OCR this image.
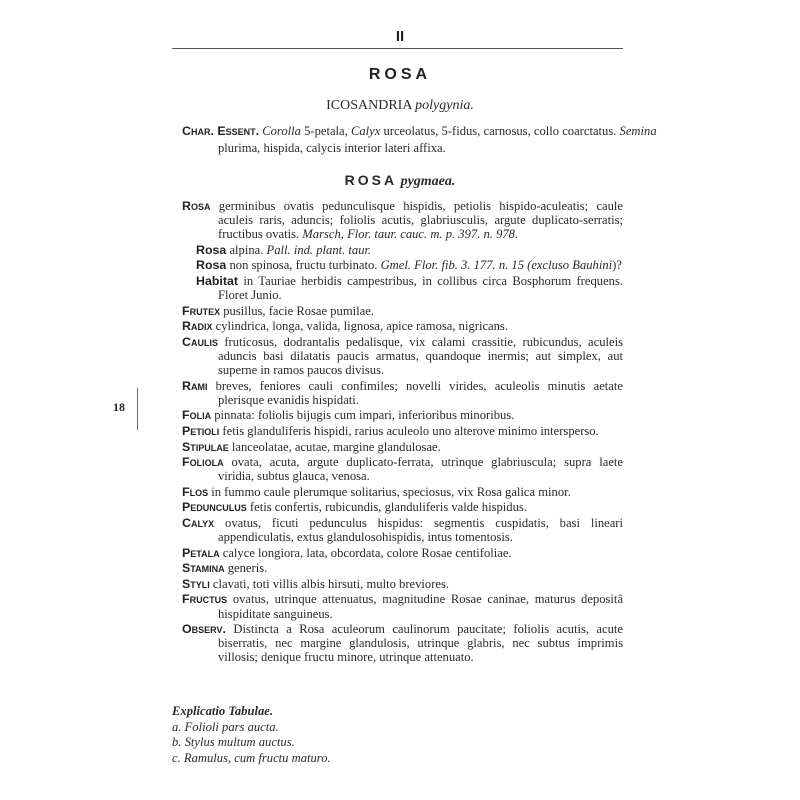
II
ROSA
ICOSANDRIA polygynia.
Char. Essent. Corolla 5-petala, Calyx urceolatus, 5-fidus, carnosus, collo coarctatus. Semina plurima, hispida, calycis interior lateri affixa.
ROSA pygmaea.
Rosa germinibus ovatis pedunculisque hispidis, petiolis hispido-aculeatis; caule aculeis raris, aduncis; foliolis acutis, glabriusculis, argute duplicato-serratis; fructibus ovatis. Marsch, Flor. taur. cauc. m. p. 397. n. 978.
Rosa alpina. Pall. ind. plant. taur.
Rosa non spinosa, fructu turbinato. Gmel. Flor. fib. 3. 177. n. 15 (excluso Bauhini)?
Habitat in Tauriae herbidis campestribus, in collibus circa Bosphorum frequens. Floret Junio.
Frutex pusillus, facie Rosae pumilae.
Radix cylindrica, longa, valida, lignosa, apice ramosa, nigricans.
Caulis fruticosus, dodrantalis pedalisque, vix calami crassitie, rubicundus, aculeis aduncis basi dilatatis paucis armatus, quandoque inermis; aut simplex, aut superne in ramos paucos divisus.
Rami breves, feniores cauli confimiles; novelli virides, aculeolis minutis aetate plerisque evanidis hispidati.
Folia pinnata: foliolis bijugis cum impari, inferioribus minoribus.
Petioli fetis glanduliferis hispidi, rarius aculeolo uno alterove minimo intersperso.
Stipulae lanceolatae, acutae, margine glandulosae.
Foliola ovata, acuta, argute duplicato-ferrata, utrinque glabriuscula; supra laete viridia, subtus glauca, venosa.
Flos in fummo caule plerumque solitarius, speciosus, vix Rosa galica minor.
Pedunculus fetis confertis, rubicundis, glanduliferis valde hispidus.
Calyx ovatus, ficuti pedunculus hispidus: segmentis cuspidatis, basi lineari appendiculatis, extus glandulosohispidis, intus tomentosis.
Petala calyce longiora, lata, obcordata, colore Rosae centifoliae.
Stamina generis.
Styli clavati, toti villis albis hirsuti, multo breviores.
Fructus ovatus, utrinque attenuatus, magnitudine Rosae caninae, maturus depositâ hispiditate sanguineus.
Observ. Distincta a Rosa aculeorum caulinorum paucitate; foliolis acutis, acute biserratis, nec margine glandulosis, utrinque glabris, nec subtus imprimis villosis; denique fructu minore, utrinque attenuato.
18
Explicatio Tabulae.
a. Folioli pars aucta.
b. Stylus multum auctus.
c. Ramulus, cum fructu maturo.
